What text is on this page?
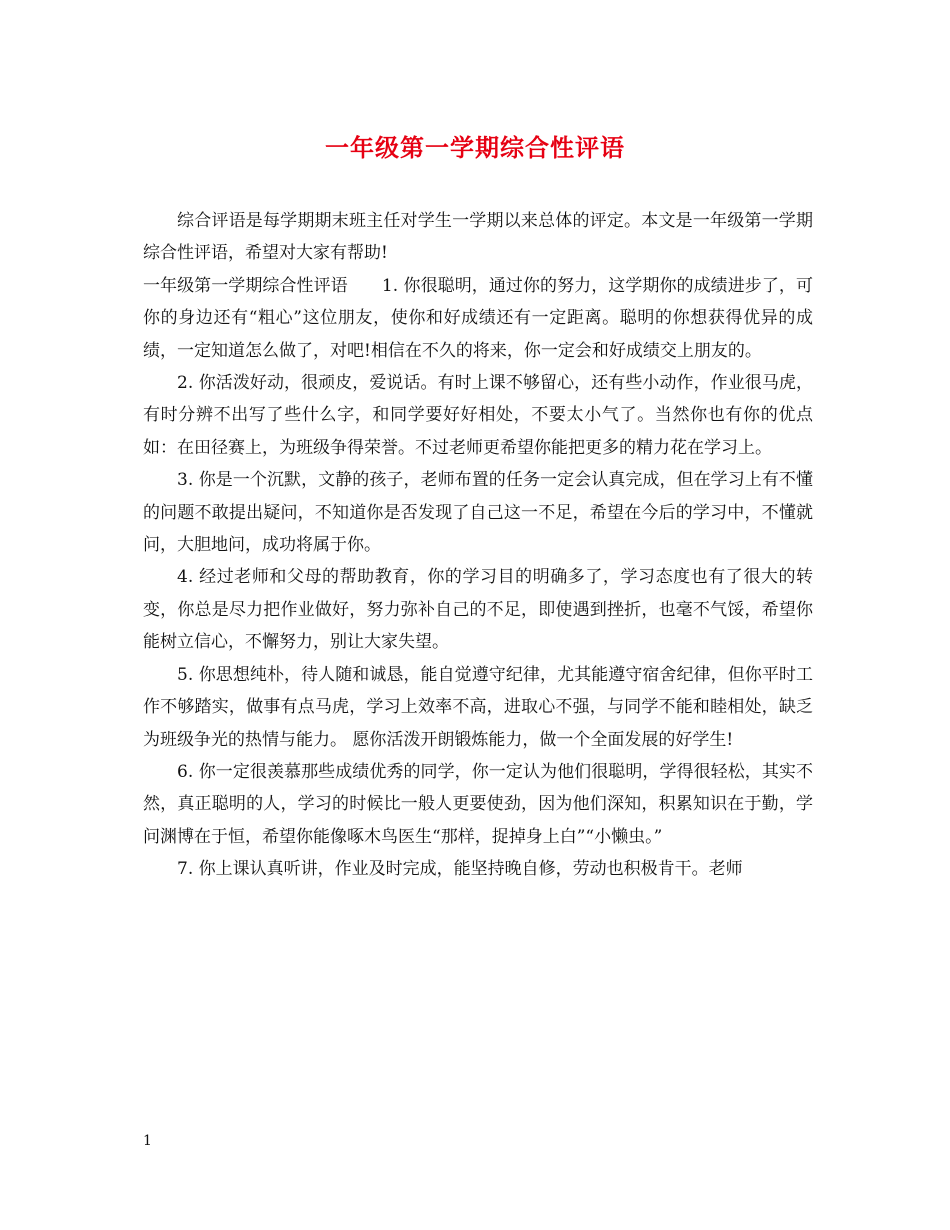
一年级第一学期综合性评语

综合评语是每学期期末班主任对学生一学期以来总体的评定。本文是一年级第一学期综合性评语，希望对大家有帮助!

一年级第一学期综合性评语　　1. 你很聪明，通过你的努力，这学期你的成绩进步了，可你的身边还有“粗心”这位朋友，使你和好成绩还有一定距离。聪明的你想获得优异的成绩，一定知道怎么做了，对吧!相信在不久的将来，你一定会和好成绩交上朋友的。

2. 你活泼好动，很顽皮，爱说话。有时上课不够留心，还有些小动作，作业很马虎，有时分辨不出写了些什么字，和同学要好好相处，不要太小气了。当然你也有你的优点如：在田径赛上，为班级争得荣誉。不过老师更希望你能把更多的精力花在学习上。

3. 你是一个沉默，文静的孩子，老师布置的任务一定会认真完成，但在学习上有不懂的问题不敢提出疑问，不知道你是否发现了自己这一不足，希望在今后的学习中，不懂就问，大胆地问，成功将属于你。

4. 经过老师和父母的帮助教育，你的学习目的明确多了，学习态度也有了很大的转变，你总是尽力把作业做好，努力弥补自己的不足，即使遇到挫折，也毫不气馁，希望你能树立信心，不懈努力，别让大家失望。

5. 你思想纯朴，待人随和诚恳，能自觉遵守纪律，尤其能遵守宿舍纪律，但你平时工作不够踏实，做事有点马虎，学习上效率不高，进取心不强，与同学不能和睦相处，缺乏为班级争光的热情与能力。 愿你活泼开朗锻炼能力，做一个全面发展的好学生!

6. 你一定很羡慕那些成绩优秀的同学，你一定认为他们很聪明，学得很轻松，其实不然，真正聪明的人，学习的时候比一般人更要使劲，因为他们深知，积累知识在于勤，学问渊博在于恒，希望你能像啄木鸟医生“那样，捉掉身上白”“小懒虫。”

7. 你上课认真听讲，作业及时完成，能坚持晚自修，劳动也积极肯干。老师

1
